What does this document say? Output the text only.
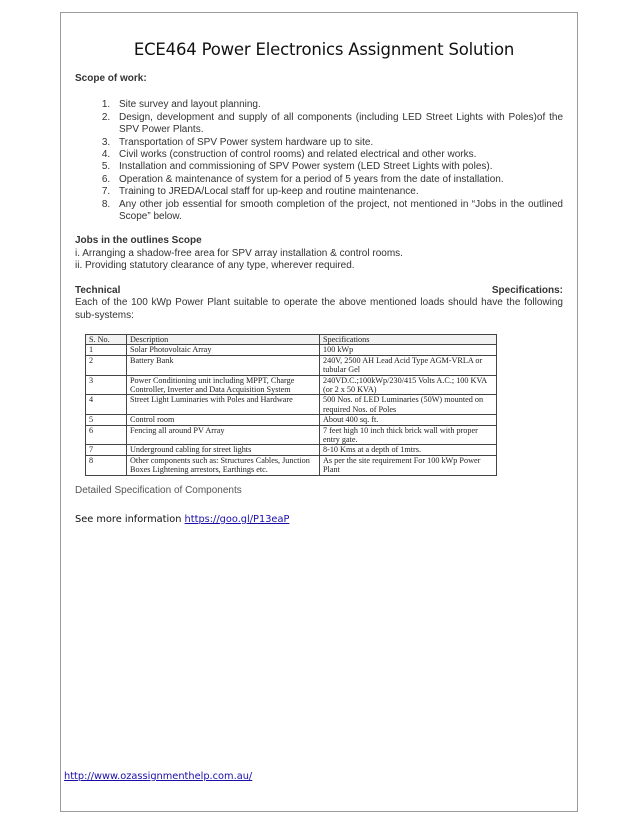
ECE464 Power Electronics Assignment Solution
Scope of work:
1. Site survey and layout planning.
2. Design, development and supply of all components (including LED Street Lights with Poles)of the SPV Power Plants.
3. Transportation of SPV Power system hardware up to site.
4. Civil works (construction of control rooms) and related electrical and other works.
5. Installation and commissioning of SPV Power system (LED Street Lights with poles).
6. Operation & maintenance of system for a period of 5 years from the date of installation.
7. Training to JREDA/Local staff for up-keep and routine maintenance.
8. Any other job essential for smooth completion of the project, not mentioned in “Jobs in the outlined Scope” below.
Jobs in the outlines Scope
i. Arranging a shadow-free area for SPV array installation & control rooms.
ii. Providing statutory clearance of any type, wherever required.
Technical	Specifications:
Each of the 100 kWp Power Plant suitable to operate the above mentioned loads should have the following sub-systems:
S. No.	Description	Specifications
1	Solar Photovoltaic Array	100 kWp
2	Battery Bank	240V, 2500 AH Lead Acid Type AGM-VRLA or tubular Gel
3	Power Conditioning unit including MPPT, Charge Controller, Inverter and Data Acquisition System	240VD.C.;100kWp/230/415 Volts A.C.; 100 KVA (or 2 x 50 KVA)
4	Street Light Luminaries with Poles and Hardware	500 Nos. of LED Luminaries (50W) mounted on required Nos. of Poles
5	Control room	About 400 sq. ft.
6	Fencing all around PV Array	7 feet high 10 inch thick brick wall with proper entry gate.
7	Underground cabling for street lights	8-10 Kms at a depth of 1mtrs.
8	Other components such as: Structures Cables, Junction Boxes Lightening arrestors, Earthings etc.	As per the site requirement For 100 kWp Power Plant
Detailed Specification of Components
See more information https://goo.gl/P13eaP
http://www.ozassignmenthelp.com.au/
